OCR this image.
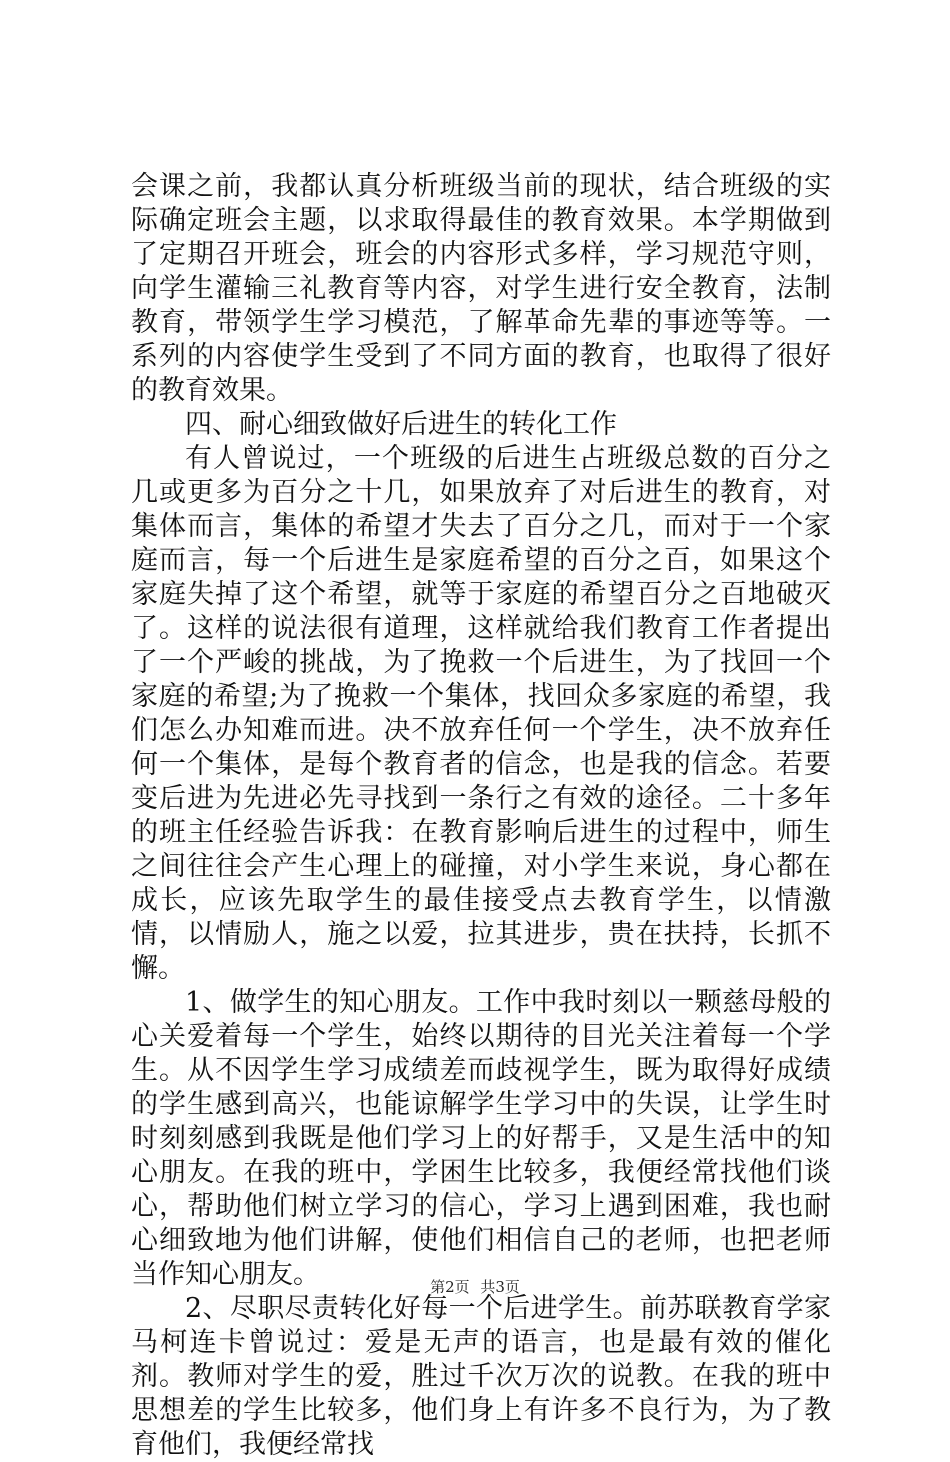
会课之前，我都认真分析班级当前的现状，结合班级的实际确定班会主题，以求取得最佳的教育效果。本学期做到了定期召开班会，班会的内容形式多样，学习规范守则，向学生灌输三礼教育等内容，对学生进行安全教育，法制教育，带领学生学习模范，了解革命先辈的事迹等等。一系列的内容使学生受到了不同方面的教育，也取得了很好的教育效果。

四、耐心细致做好后进生的转化工作

有人曾说过，一个班级的后进生占班级总数的百分之几或更多为百分之十几，如果放弃了对后进生的教育，对集体而言，集体的希望才失去了百分之几，而对于一个家庭而言，每一个后进生是家庭希望的百分之百，如果这个家庭失掉了这个希望，就等于家庭的希望百分之百地破灭了。这样的说法很有道理，这样就给我们教育工作者提出了一个严峻的挑战，为了挽救一个后进生，为了找回一个家庭的希望;为了挽救一个集体，找回众多家庭的希望，我们怎么办知难而进。决不放弃任何一个学生，决不放弃任何一个集体，是每个教育者的信念，也是我的信念。若要变后进为先进必先寻找到一条行之有效的途径。二十多年的班主任经验告诉我：在教育影响后进生的过程中，师生之间往往会产生心理上的碰撞，对小学生来说，身心都在成长，应该先取学生的最佳接受点去教育学生，以情激情，以情励人，施之以爱，拉其进步，贵在扶持，长抓不懈。

1、做学生的知心朋友。工作中我时刻以一颗慈母般的心关爱着每一个学生，始终以期待的目光关注着每一个学生。从不因学生学习成绩差而歧视学生，既为取得好成绩的学生感到高兴，也能谅解学生学习中的失误，让学生时时刻刻感到我既是他们学习上的好帮手，又是生活中的知心朋友。在我的班中，学困生比较多，我便经常找他们谈心，帮助他们树立学习的信心，学习上遇到困难，我也耐心细致地为他们讲解，使他们相信自己的老师，也把老师当作知心朋友。

2、尽职尽责转化好每一个后进学生。前苏联教育学家马柯连卡曾说过：爱是无声的语言，也是最有效的催化剂。教师对学生的爱，胜过千次万次的说教。在我的班中思想差的学生比较多，他们身上有许多不良行为，为了教育他们，我便经常找

第2页 共3页
